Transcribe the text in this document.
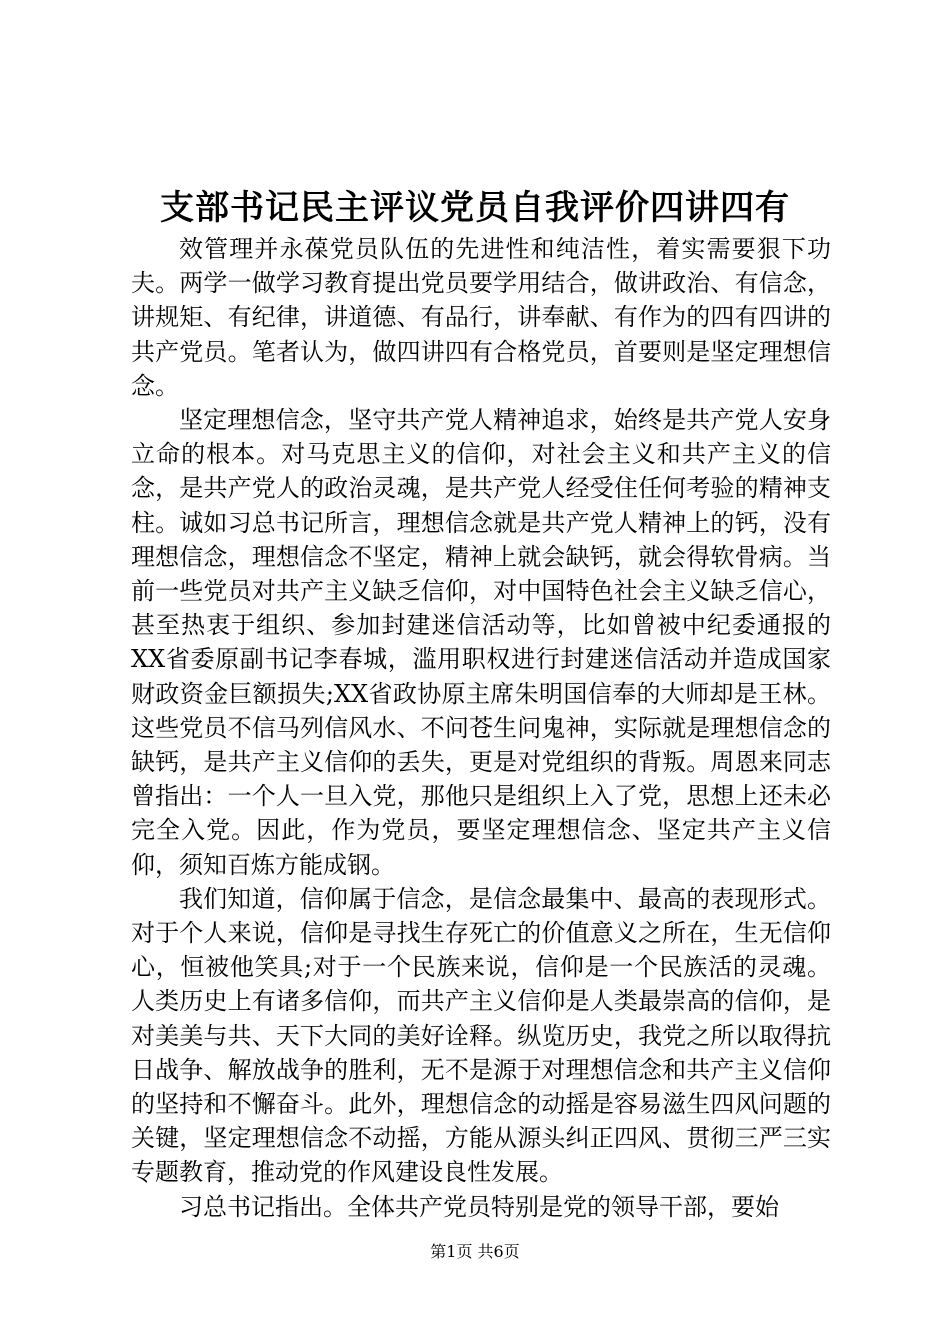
支部书记民主评议党员自我评价四讲四有

效管理并永葆党员队伍的先进性和纯洁性，着实需要狠下功夫。两学一做学习教育提出党员要学用结合，做讲政治、有信念，讲规矩、有纪律，讲道德、有品行，讲奉献、有作为的四有四讲的共产党员。笔者认为，做四讲四有合格党员，首要则是坚定理想信念。

坚定理想信念，坚守共产党人精神追求，始终是共产党人安身立命的根本。对马克思主义的信仰，对社会主义和共产主义的信念，是共产党人的政治灵魂，是共产党人经受住任何考验的精神支柱。诚如习总书记所言，理想信念就是共产党人精神上的钙，没有理想信念，理想信念不坚定，精神上就会缺钙，就会得软骨病。当前一些党员对共产主义缺乏信仰，对中国特色社会主义缺乏信心，甚至热衷于组织、参加封建迷信活动等，比如曾被中纪委通报的XX省委原副书记李春城，滥用职权进行封建迷信活动并造成国家财政资金巨额损失;XX省政协原主席朱明国信奉的大师却是王林。这些党员不信马列信风水、不问苍生问鬼神，实际就是理想信念的缺钙，是共产主义信仰的丢失，更是对党组织的背叛。周恩来同志曾指出：一个人一旦入党，那他只是组织上入了党，思想上还未必完全入党。因此，作为党员，要坚定理想信念、坚定共产主义信仰，须知百炼方能成钢。

我们知道，信仰属于信念，是信念最集中、最高的表现形式。对于个人来说，信仰是寻找生存死亡的价值意义之所在，生无信仰心，恒被他笑具;对于一个民族来说，信仰是一个民族活的灵魂。人类历史上有诸多信仰，而共产主义信仰是人类最崇高的信仰，是对美美与共、天下大同的美好诠释。纵览历史，我党之所以取得抗日战争、解放战争的胜利，无不是源于对理想信念和共产主义信仰的坚持和不懈奋斗。此外，理想信念的动摇是容易滋生四风问题的关键，坚定理想信念不动摇，方能从源头纠正四风、贯彻三严三实专题教育，推动党的作风建设良性发展。

习总书记指出。全体共产党员特别是党的领导干部，要始

第1页 共6页
